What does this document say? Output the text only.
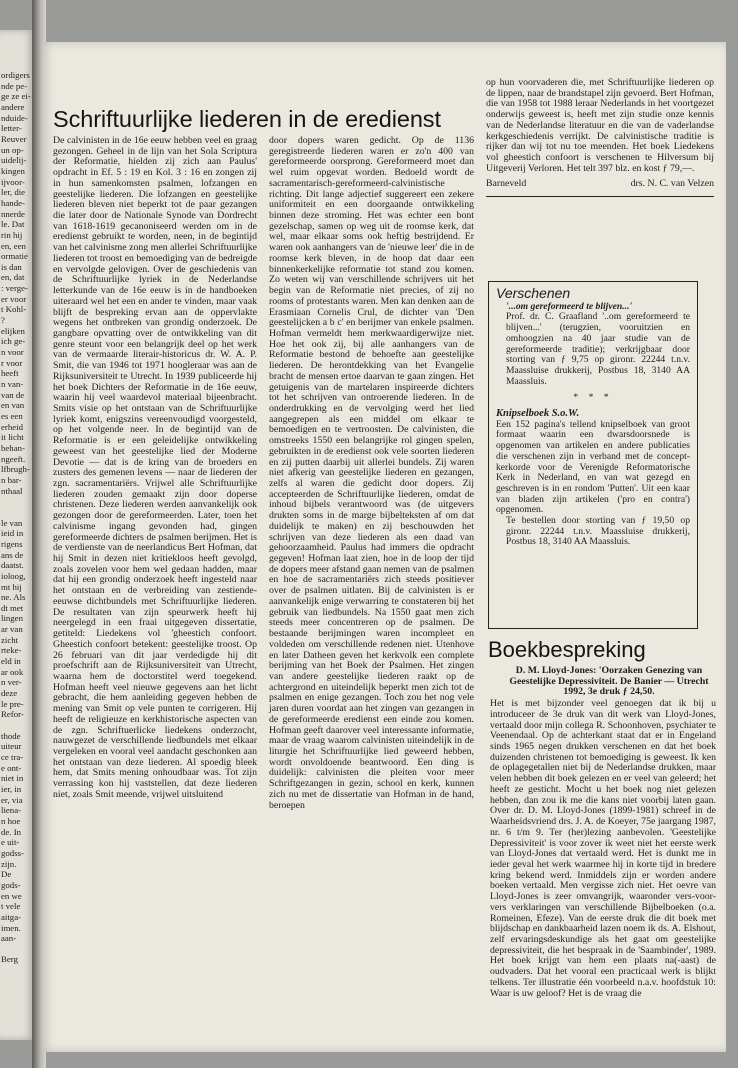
ordigers
nde pe-
ge ze ei-
andere
nduide-
letter-
Reuver
un op-
uidelij-
kingen
ijvoor-
ler, die
hande-
nnerde
le. Dat
rin hij
en, een
ormatie
is dan
en, dat
: verge-
er voor
t Kohl-
?
elijken
ich ge-
n voor
r voor
heeft
n van-
van de
en van
es een
erheid
it licht
behan-
ngeeft.
lfbrugh-
n bar-
nthaal

le van
ieid in
rigens
ans de
daatst.
ioloog,
mt hij
ne. Als
dt met
lingen
ar van
zicht
rteke-
eld in
ar ook
n ver-
deze
le pre-
Refor-

thode
uiteur
ce tra-
e ont-
niet in
ier, in
er, via
liena-
n hoe
de. In
e uit-
godss-
zijn.
De
gods-
en we
t vele
aitga-
imen.
aan-

Berg
Schriftuurlijke liederen in de eredienst

De calvinisten in de 16e eeuw hebben veel en graag gezongen. Geheel in de lijn van het Sola Scriptura der Reformatie, hielden zij zich aan Paulus' opdracht in Ef. 5 : 19 en Kol. 3 : 16 en zongen zij in hun samenkomsten psalmen, lofzangen en geestelijke liederen. Die lofzangen en geestelijke liederen bleven niet beperkt tot de paar gezangen die later door de Nationale Synode van Dordrecht van 1618-1619 gecanoniseerd werden om in de eredienst gebruikt te worden, neen, in de begintijd van het calvinisme zong men allerlei Schriftuurlijke liederen tot troost en bemoediging van de bedreigde en vervolgde gelovigen. Over de geschiedenis van de Schriftuurlijke lyriek in de Nederlandse letterkunde van de 16e eeuw is in de handboeken uiteraard wel het een en ander te vinden, maar vaak blijft de bespreking ervan aan de oppervlakte wegens het ontbreken van grondig onderzoek. De gangbare opvatting over de ontwikkeling van dit genre steunt voor een belangrijk deel op het werk van de vermaarde literair-historicus dr. W. A. P. Smit, die van 1946 tot 1971 hoogleraar was aan de Rijksuniversiteit te Utrecht. In 1939 publiceerde hij het boek Dichters der Reformatie in de 16e eeuw, waarin hij veel waardevol materiaal bijeenbracht. Smits visie op het ontstaan van de Schriftuurlijke lyriek komt, enigszins vereenvoudigd voorgesteld, op het volgende neer. In de begintijd van de Reformatie is er een geleidelijke ontwikkeling geweest van het geestelijke lied der Moderne Devotie — dat is de kring van de broeders en zusters des gemenen levens — naar de liederen der zgn. sacramentariërs. Vrijwel alle Schriftuurlijke liederen zouden gemaakt zijn door doperse christenen. Deze liederen werden aanvankelijk ook gezongen door de gereformeerden. Later, toen het calvinisme ingang gevonden had, gingen gereformeerde dichters de psalmen berijmen. Het is de verdienste van de neerlandicus Bert Hofman, dat hij Smit in dezen niet kritiekloos heeft gevolgd, zoals zovelen voor hem wel gedaan hadden, maar dat hij een grondig onderzoek heeft ingesteld naar het ontstaan en de verbreiding van zestiende-eeuwse dichtbundels met Schriftuurlijke liederen. De resultaten van zijn speurwerk heeft hij neergelegd in een fraai uitgegeven dissertatie, getiteld: Liedekens vol 'gheestich confoort. Gheestich confoort betekent: geestelijke troost. Op 26 februari van dit jaar verdedigde hij dit proefschrift aan de Rijksuniversiteit van Utrecht, waarna hem de doctorstitel werd toegekend. Hofman heeft veel nieuwe gegevens aan het licht gebracht, die hem aanleiding gegeven hebben de mening van Smit op vele punten te corrigeren. Hij heeft de religieuze en kerkhistorische aspecten van de zgn. Schriftuerlicke liedekens onderzocht, nauwgezet de verschillende liedbundels met elkaar vergeleken en vooral veel aandacht geschonken aan het ontstaan van deze liederen. Al spoedig bleek hem, dat Smits mening onhoudbaar was. Tot zijn verrassing kon hij vaststellen, dat deze liederen niet, zoals Smit meende, vrijwel uitsluitend

door dopers waren gedicht. Op de 1136 geregistreerde liederen waren er zo'n 400 van gereformeerde oorsprong. Gereformeerd moet dan wel ruim opgevat worden. Bedoeld wordt de sacramentarisch-gereformeerd-calvinistische richting. Dit lange adjectief suggereert een zekere uniformiteit en een doorgaande ontwikkeling binnen deze stroming. Het was echter een bont gezelschap, samen op weg uit de roomse kerk, dat wel, maar elkaar soms ook heftig bestrijdend. Er waren ook aanhangers van de 'nieuwe leer' die in de roomse kerk bleven, in de hoop dat daar een binnenkerkelijke reformatie tot stand zou komen. Zo weten wij van verschillende schrijvers uit het begin van de Reformatie niet precies, of zij no rooms of protestants waren. Men kan denken aan de Erasmiaan Cornelis Crul, de dichter van 'Den geestelijcken a b c' en berijmer van enkele psalmen. Hofman vermeldt hem merkwaardigerwijze niet. Hoe het ook zij, bij alle aanhangers van de Reformatie bestond de behoefte aan geestelijke liederen. De herontdekking van het Evangelie bracht de mensen ertoe daarvan te gaan zingen. Het getuigenis van de martelaren inspireerde dichters tot het schrijven van ontroerende liederen. In de onderdrukking en de vervolging werd het lied aangegrepen als een middel om elkaar te bemoedigen en te vertroosten. De calvinisten, die omstreeks 1550 een belangrijke rol gingen spelen, gebruikten in de eredienst ook vele soorten liederen en zij putten daarbij uit allerlei bundels. Zij waren niet afkerig van geestelijke liederen en gezangen, zelfs al waren die gedicht door dopers. Zij accepteerden de Schriftuurlijke liederen, omdat de inhoud bijbels verantwoord was (de uitgevers drukten soms in de marge bijbelteksten af om dat duidelijk te maken) en zij beschouwden het schrijven van deze liederen als een daad van gehoorzaamheid. Paulus had immers die opdracht gegeven! Hofman laat zien, hoe in de loop der tijd de dopers meer afstand gaan nemen van de psalmen en hoe de sacramentariërs zich steeds positiever over de psalmen uitlaten. Bij de calvinisten is er aanvankelijk enige verwarring te constateren bij het gebruik van liedbundels. Na 1550 gaat men zich steeds meer concentreren op de psalmen. De bestaande berijmingen waren incompleet en voldeden om verschillende redenen niet. Utenhove en later Datheen geven het kerkvolk een complete berijming van het Boek der Psalmen. Het zingen van andere geestelijke liederen raakt op de achtergrond en uiteindelijk beperkt men zich tot de psalmen en enige gezangen. Toch zou het nog vele jaren duren voordat aan het zingen van gezangen in de gereformeerde eredienst een einde zou komen. Hofman geeft daarover veel interessante informatie, maar de vraag waarom calvinisten uiteindelijk in de liturgie het Schriftuurlijke lied geweerd hebben, wordt onvoldoende beantwoord. Een ding is duidelijk: calvinisten die pleiten voor meer Schriftgezangen in gezin, school en kerk, kunnen zich nu met de dissertatie van Hofman in de hand, beroepen

op hun voorvaderen die, met Schriftuurlijke liederen op de lippen, naar de brandstapel zijn gevoerd. Bert Hofman, die van 1958 tot 1988 leraar Nederlands in het voortgezet onderwijs geweest is, heeft met zijn studie onze kennis van de Nederlandse literatuur en die van de vaderlandse kerkgeschiedenis verrijkt. De calvinistische traditie is rijker dan wij tot nu toe meenden. Het boek Liedekens vol gheestich confoort is verschenen te Hilversum bij Uitgeverij Verloren. Het telt 397 blz. en kost ƒ 79,—.

Barneveld	drs. N. C. van Velzen
Verschenen

'...om gereformeerd te blijven...'

Prof. dr. C. Graafland '..om gereformeerd te blijven...' (terugzien, vooruitzien en omhoogzien na 40 jaar studie van de gereformeerde traditie); verkrijgbaar door storting van ƒ 9,75 op gironr. 22244 t.n.v. Maassluise drukkerij, Postbus 18, 3140 AA Maassluis.

* * *
Knipselboek S.o.W.

Een 152 pagina's tellend knipselboek van groot formaat waarin een dwarsdoorsnede is opgenomen van artikelen en andere publicaties die verschenen zijn in verband met de concept-kerkorde voor de Verenigde Reformatorische Kerk in Nederland, en van wat gezegd en geschreven is in en rondom 'Putten'. Uit een kaar van bladen zijn artikelen ('pro en contra') opgenomen.

Te bestellen door storting van ƒ 19,50 op gironr. 22244 t.n.v. Maassluise drukkerij, Postbus 18, 3140 AA Maassluis.

Boekbespreking

D. M. Lloyd-Jones: 'Oorzaken Genezing van Geestelijke Depressiviteit. De Banier — Utrecht 1992, 3e druk ƒ 24,50.

Het is met bijzonder veel genoegen dat ik bij u introduceer de 3e druk van dit werk van Lloyd-Jones, vertaald door mijn collega R. Schoonhoven, psychiater te Veenendaal. Op de achterkant staat dat er in Engeland sinds 1965 negen drukken verschenen en dat het boek duizenden christenen tot bemoediging is geweest. Ik ken de oplagegetallen niet bij de Nederlandse drukken, maar velen hebben dit boek gelezen en er veel van geleerd; het heeft ze gesticht. Mocht u het boek nog niet gelezen hebben, dan zou ik me die kans niet voorbij laten gaan. Over dr. D. M. Lloyd-Jones (1899-1981) schreef in de Waarheidsvriend drs. J. A. de Koeyer, 75e jaargang 1987, nr. 6 t/m 9. Ter (her)lezing aanbevolen. 'Geestelijke Depressiviteit' is voor zover ik weet niet het eerste werk van Lloyd-Jones dat vertaald werd. Het is dunkt me in ieder geval het werk waarmee hij in korte tijd in bredere kring bekend werd. Inmiddels zijn er worden andere boeken vertaald. Men vergisse zich niet. Het oevre van Lloyd-Jones is zeer omvangrijk, waaronder vers-voor-vers verklaringen van verschillende Bijbelboeken (o.a. Romeinen, Efeze). Van de eerste druk die dit boek met blijdschap en dankbaarheid lazen noem ik ds. A. Elshout, zelf ervaringsdeskundige als het gaat om geestelijke depressiviteit, die het bespraak in de 'Saambinder', 1989. Het boek krijgt van hem een plaats na(-aast) de oudvaders. Dat het vooral een practicaal werk is blijkt telkens. Ter illustratie één voorbeeld n.a.v. hoofdstuk 10: Waar is uw geloof? Het is de vraag die
